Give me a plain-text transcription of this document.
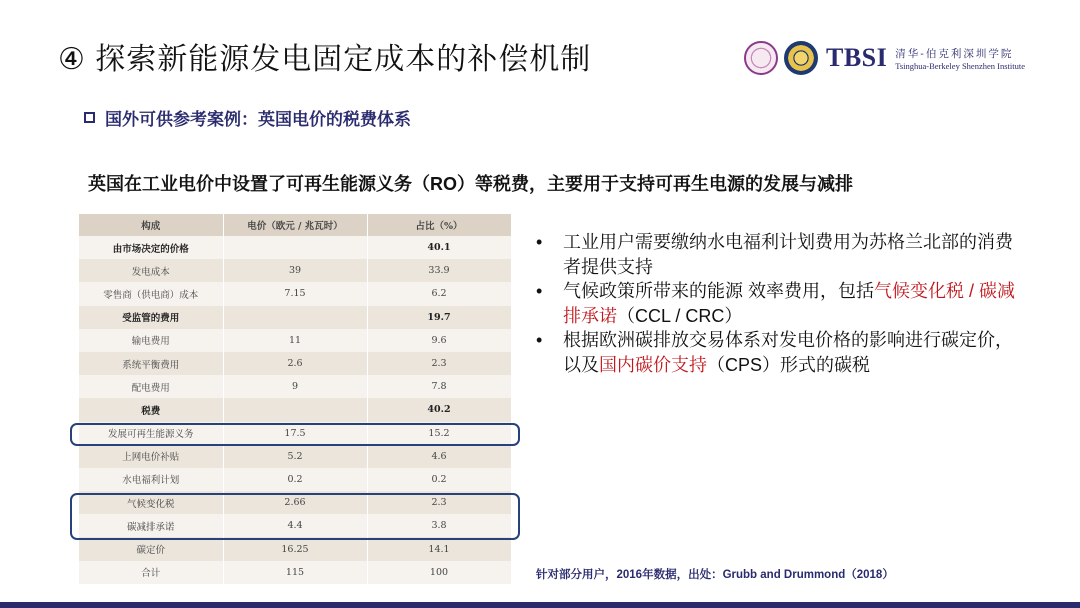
④ 探索新能源发电固定成本的补偿机制	TBSI 清华-伯克利深圳学院
Tsinghua-Berkeley Shenzhen Institute
国外可供参考案例：英国电价的税费体系
英国在工业电价中设置了可再生能源义务（RO）等税费，主要用于支持可再生电源的发展与减排
构成	电价（欧元 / 兆瓦时）	占比（%）
由市场决定的价格		40.1
发电成本	39	33.9
零售商（供电商）成本	7.15	6.2
受监管的费用		19.7
输电费用	11	9.6
系统平衡费用	2.6	2.3
配电费用	9	7.8
税费		40.2
发展可再生能源义务	17.5	15.2
上网电价补贴	5.2	4.6
水电福利计划	0.2	0.2
气候变化税	2.66	2.3
碳减排承诺	4.4	3.8
碳定价	16.25	14.1
合计	115	100
• 工业用户需要缴纳水电福利计划费用为苏格兰北部的消费者提供支持
• 气候政策所带来的能源 效率费用，包括气候变化税 / 碳减排承诺（CCL / CRC）
• 根据欧洲碳排放交易体系对发电价格的影响进行碳定价，以及国内碳价支持（CPS）形式的碳税
针对部分用户，2016年数据，出处：Grubb and Drummond（2018）
